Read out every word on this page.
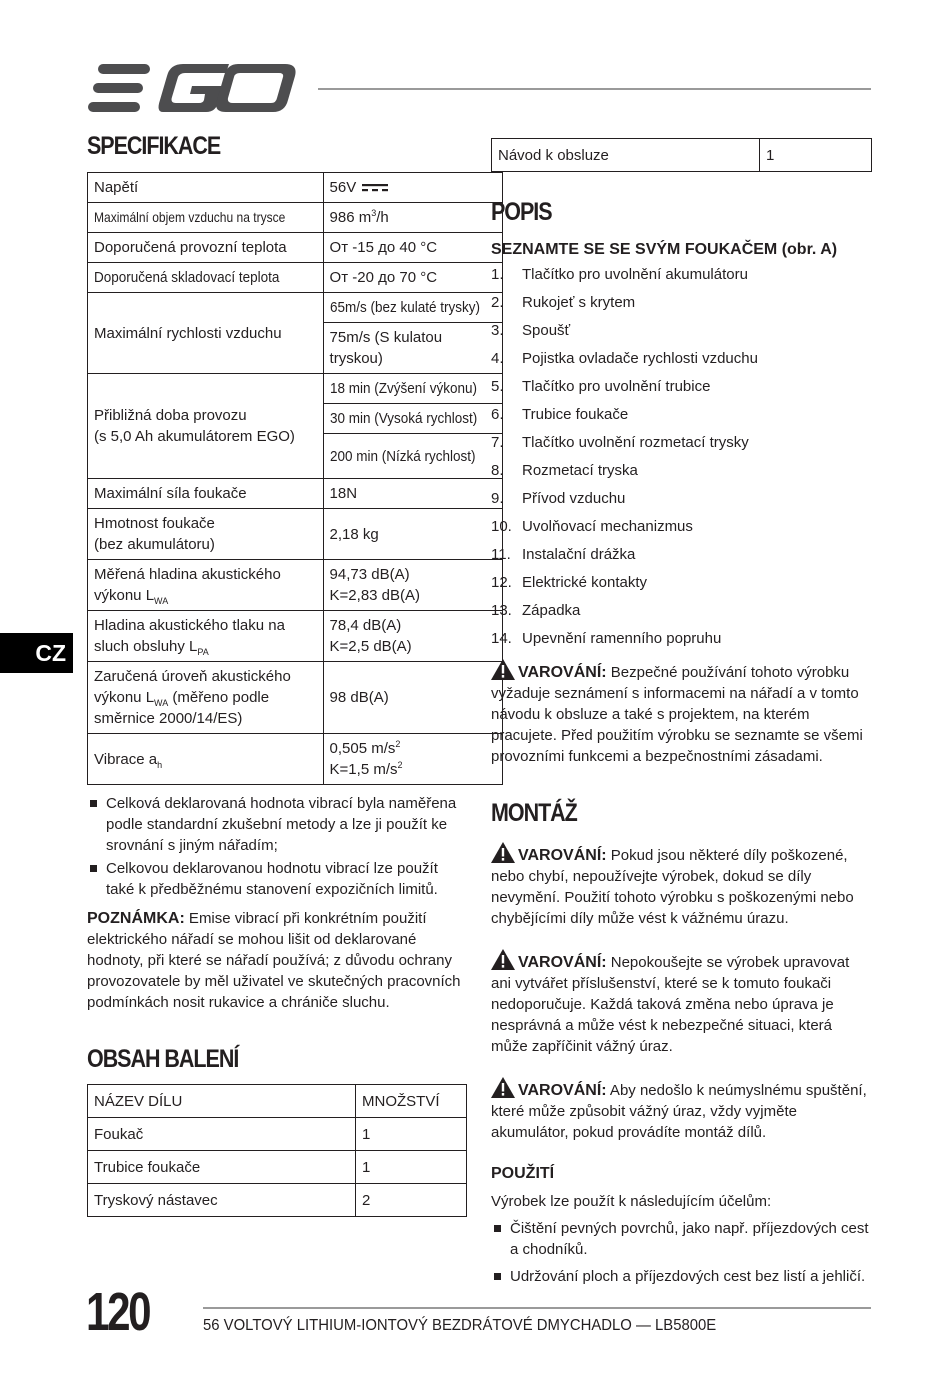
SPECIFIKACE
Napětí	56V
Maximální objem vzduchu na trysce	986 $m^3/h$
Doporučená provozní teplota	От -15 до 40 °C
Doporučená skladovací teplota	От -20 до 70 °C
Maximální rychlosti vzduchu	65m/s (bez kulaté trysky)
	75m/s (S kulatou tryskou)

Přibližná doba provozu
(s 5,0 Ah akumulátorem EGO)	18 min (Zvýšení výkonu)
	30 min (Vysoká rychlost)
	200 min (Nízká rychlost)
Maximální síla foukače	18N

Hmotnost foukače
(bez akumulátoru)	2,18 kg
Měřená hladina akustického výkonu $L_{WA}$	94,73 dB(A)
K=2,83 dB(A)

Hladina akustického tlaku na sluch obsluhy $L_{PA}$	78,4 dB(A)
K=2,5 dB(A)

Zaručená úroveň akustického výkonu $L_{WA}$ (měřeno podle směrnice 2000/14/ES)	98 dB(A)
Vibrace $a_h$	0,505 $m/s^2$
K=1,5 $m/s^2$
Celková deklarovaná hodnota vibrací byla naměřena podle standardní zkušební metody a lze ji použít ke srovnání s jiným nářadím;
Celkovou deklarovanou hodnotu vibrací lze použít také k předběžnému stanovení expozičních limitů.

POZNÁMKA: Emise vibrací při konkrétním použití elektrického nářadí se mohou lišit od deklarované hodnoty, při které se nářadí používá; z důvodu ochrany provozovatele by měl uživatel ve skutečných pracovních podmínkách nosit rukavice a chrániče sluchu.

OBSAH BALENÍ
NÁZEV DÍLU	MNOŽSTVÍ
Foukač	1
Trubice foukače	1
Tryskový nástavec	2
Návod k obsluze	1
POPIS
SEZNAMTE SE SE SVÝM FOUKAČEM (obr. A)
1.	Tlačítko pro uvolnění akumulátoru
2.	Rukojeť s krytem
3.	Spoušť
4.	Pojistka ovladače rychlosti vzduchu
5.	Tlačítko pro uvolnění trubice
6.	Trubice foukače
7.	Tlačítko uvolnění rozmetací trysky
8.	Rozmetací tryska
9.	Přívod vzduchu
10. Uvolňovací mechanizmus
11. Instalační drážka
12. Elektrické kontakty
13. Západka
14. Upevnění ramenního popruhu

VAROVÁNÍ: Bezpečné používání tohoto výrobku vyžaduje seznámení s informacemi na nářadí a v tomto návodu k obsluze a také s projektem, na kterém pracujete. Před použitím výrobku se seznamte se všemi provozními funkcemi a bezpečnostními zásadami.

MONTÁŽ

VAROVÁNÍ: Pokud jsou některé díly poškozené, nebo chybí, nepoužívejte výrobek, dokud se díly nevymění. Použití tohoto výrobku s poškozenými nebo chybějícími díly může vést k vážnému úrazu.

VAROVÁNÍ: Nepokoušejte se výrobek upravovat ani vytvářet příslušenství, které se k tomuto foukači nedoporučuje. Každá taková změna nebo úprava je nesprávná a může vést k nebezpečné situaci, která může zapříčinit vážný úraz.

VAROVÁNÍ: Aby nedošlo k neúmyslnému spuštění, které může způsobit vážný úraz, vždy vyjměte akumulátor, pokud provádíte montáž dílů.

POUŽITÍ

Výrobek lze použít k následujícím účelům:

Čištění pevných povrchů, jako např. příjezdových cest a chodníků.
Udržování ploch a příjezdových cest bez listí a jehličí.
CZ
120	56 VOLTOVÝ LITHIUM-IONTOVÝ BEZDRÁTOVÉ DMYCHADLO — LB5800E
